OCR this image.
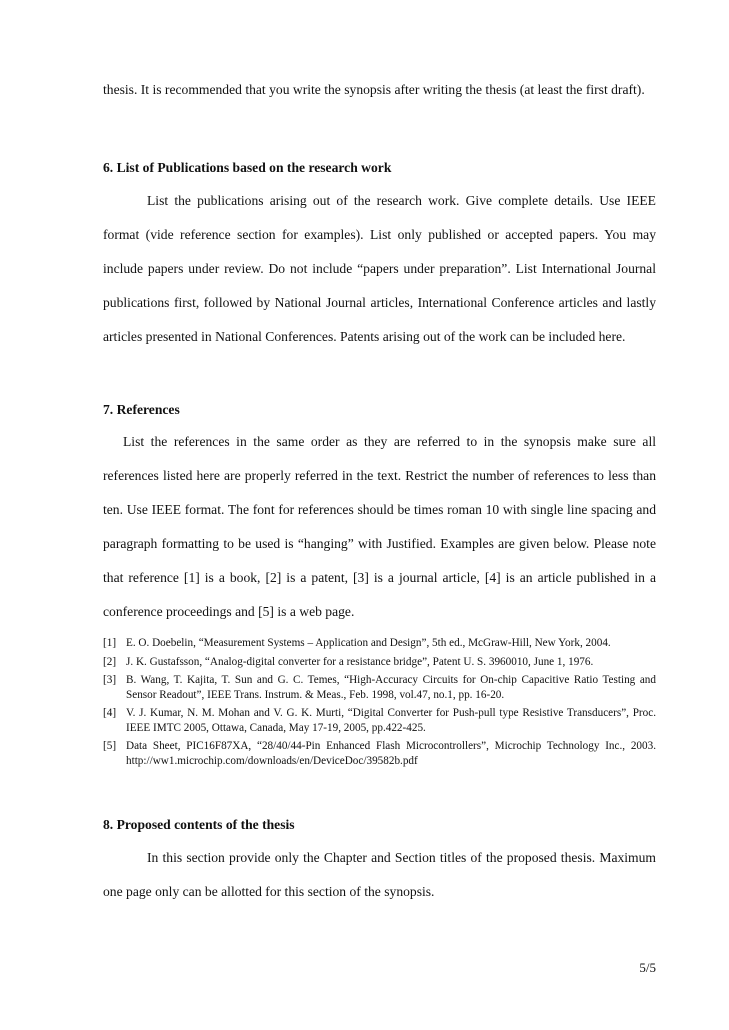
thesis. It is recommended that you write the synopsis after writing the thesis (at least the first draft).

6. List of Publications based on the research work

List the publications arising out of the research work. Give complete details. Use IEEE format (vide reference section for examples). List only published or accepted papers. You may include papers under review. Do not include “papers under preparation”. List International Journal publications first, followed by National Journal articles, International Conference articles and lastly articles presented in National Conferences. Patents arising out of the work can be included here.

7. References

List the references in the same order as they are referred to in the synopsis make sure all references listed here are properly referred in the text. Restrict the number of references to less than ten. Use IEEE format. The font for references should be times roman 10 with single line spacing and paragraph formatting to be used is “hanging” with Justified. Examples are given below. Please note that reference [1] is a book, [2] is a patent, [3] is a journal article, [4] is an article published in a conference proceedings and [5] is a web page.

[1] E. O. Doebelin, “Measurement Systems – Application and Design”, 5th ed., McGraw-Hill, New York, 2004.
[2] J. K. Gustafsson, “Analog-digital converter for a resistance bridge”, Patent U. S. 3960010, June 1, 1976.
[3] B. Wang, T. Kajita, T. Sun and G. C. Temes, “High-Accuracy Circuits for On-chip Capacitive Ratio Testing and Sensor Readout”, IEEE Trans. Instrum. & Meas., Feb. 1998, vol.47, no.1, pp. 16-20.
[4] V. J. Kumar, N. M. Mohan and V. G. K. Murti, “Digital Converter for Push-pull type Resistive Transducers”, Proc. IEEE IMTC 2005, Ottawa, Canada, May 17-19, 2005, pp.422-425.
[5] Data Sheet, PIC16F87XA, “28/40/44-Pin Enhanced Flash Microcontrollers”, Microchip Technology Inc., 2003. http://ww1.microchip.com/downloads/en/DeviceDoc/39582b.pdf
8. Proposed contents of the thesis

In this section provide only the Chapter and Section titles of the proposed thesis. Maximum one page only can be allotted for this section of the synopsis.

5/5
